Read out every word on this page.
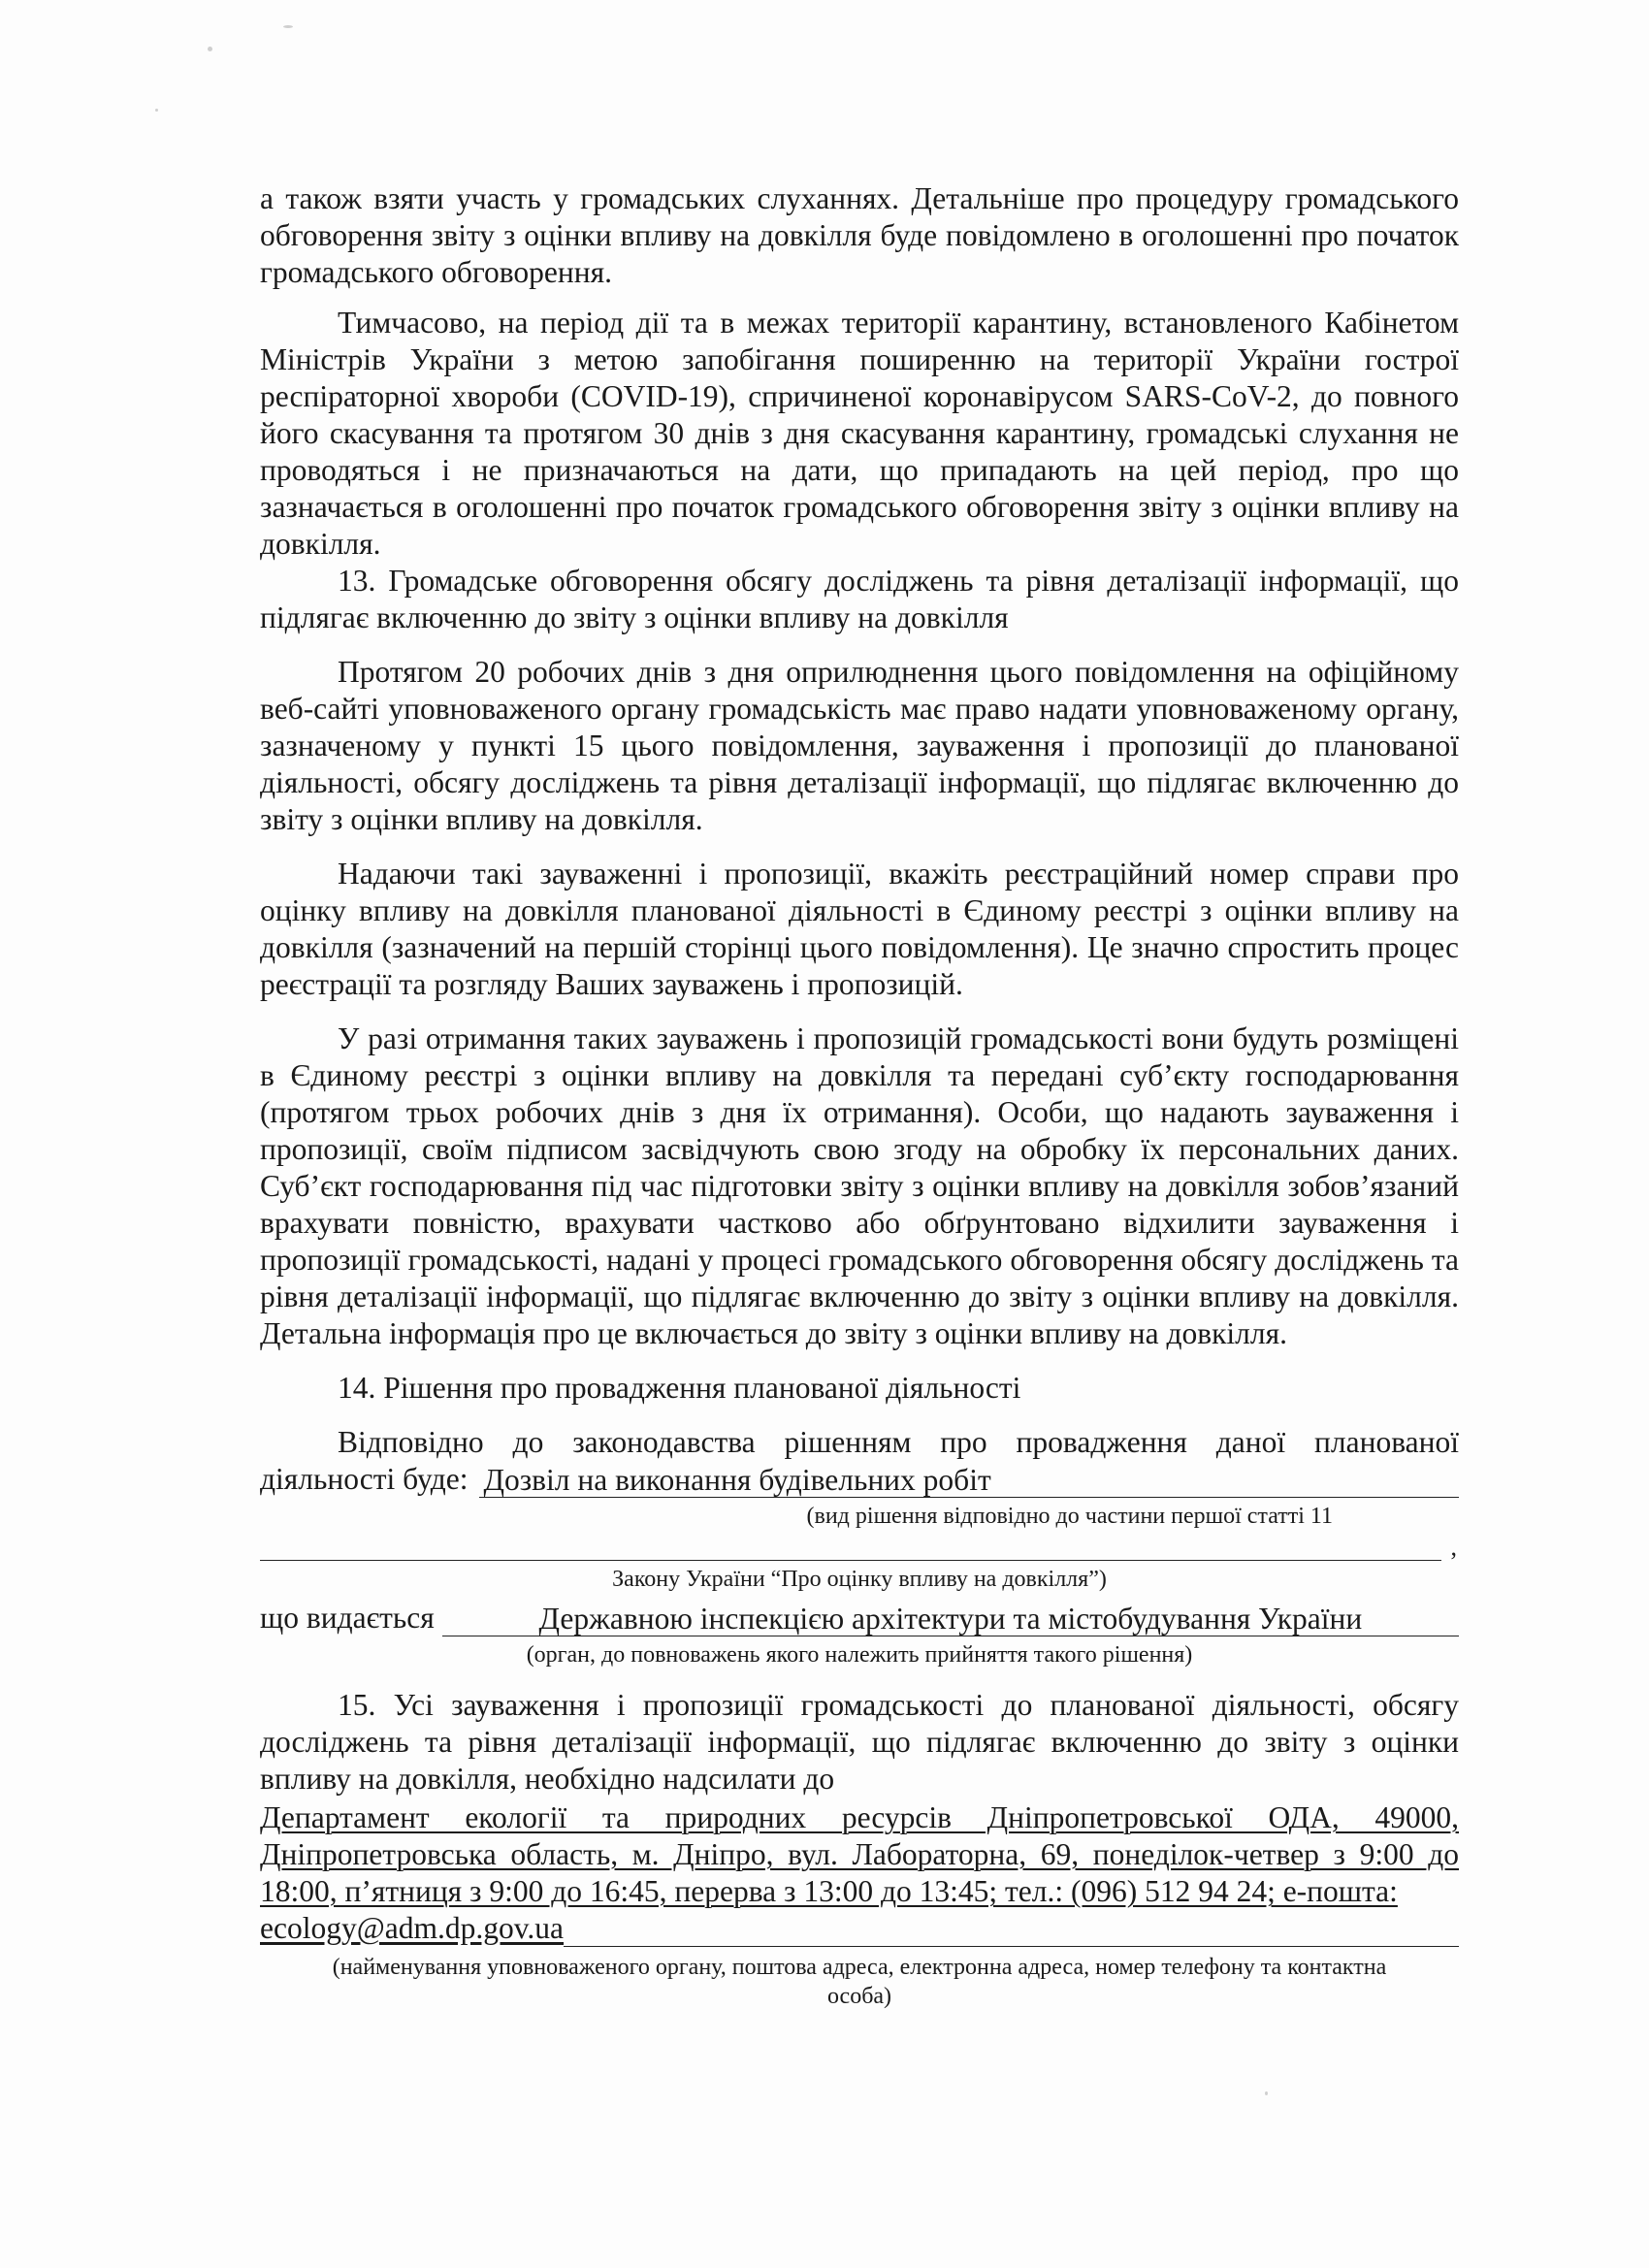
а також взяти участь у громадських слуханнях. Детальніше про процедуру громадського обговорення звіту з оцінки впливу на довкілля буде повідомлено в оголошенні про початок громадського обговорення.

Тимчасово, на період дії та в межах території карантину, встановленого Кабінетом Міністрів України з метою запобігання поширенню на території України гострої респіраторної хвороби (COVID-19), спричиненої коронавірусом SARS-CoV-2, до повного його скасування та протягом 30 днів з дня скасування карантину, громадські слухання не проводяться і не призначаються на дати, що припадають на цей період, про що зазначається в оголошенні про початок громадського обговорення звіту з оцінки впливу на довкілля.

13. Громадське обговорення обсягу досліджень та рівня деталізації інформації, що підлягає включенню до звіту з оцінки впливу на довкілля

Протягом 20 робочих днів з дня оприлюднення цього повідомлення на офіційному веб-сайті уповноваженого органу громадськість має право надати уповноваженому органу, зазначеному у пункті 15 цього повідомлення, зауваження і пропозиції до планованої діяльності, обсягу досліджень та рівня деталізації інформації, що підлягає включенню до звіту з оцінки впливу на довкілля.

Надаючи такі зауваженні і пропозиції, вкажіть реєстраційний номер справи про оцінку впливу на довкілля планованої діяльності в Єдиному реєстрі з оцінки впливу на довкілля (зазначений на першій сторінці цього повідомлення). Це значно спростить процес реєстрації та розгляду Ваших зауважень і пропозицій.

У разі отримання таких зауважень і пропозицій громадськості вони будуть розміщені в Єдиному реєстрі з оцінки впливу на довкілля та передані суб’єкту господарювання (протягом трьох робочих днів з дня їх отримання). Особи, що надають зауваження і пропозиції, своїм підписом засвідчують свою згоду на обробку їх персональних даних. Суб’єкт господарювання під час підготовки звіту з оцінки впливу на довкілля зобов’язаний врахувати повністю, врахувати частково або обґрунтовано відхилити зауваження і пропозиції громадськості, надані у процесі громадського обговорення обсягу досліджень та рівня деталізації інформації, що підлягає включенню до звіту з оцінки впливу на довкілля. Детальна інформація про це включається до звіту з оцінки впливу на довкілля.

14. Рішення про провадження планованої діяльності

Відповідно до законодавства рішенням про провадження даної планованої

діяльності буде: Дозвіл на виконання будівельних робіт
(вид рішення відповідно до частини першої статті 11
,
Закону України “Про оцінку впливу на довкілля”)
що видається	Державною інспекцією архітектури та містобудування України
(орган, до повноважень якого належить прийняття такого рішення)

15. Усі зауваження і пропозиції громадськості до планованої діяльності, обсягу досліджень та рівня деталізації інформації, що підлягає включенню до звіту з оцінки впливу на довкілля, необхідно надсилати до

Департамент екології та природних ресурсів Дніпропетровської ОДА, 49000, Дніпропетровська область, м. Дніпро, вул. Лабораторна, 69, понеділок-четвер з 9:00 до 18:00, п’ятниця з 9:00 до 16:45, перерва з 13:00 до 13:45; тел.: (096) 512 94 24; e-пошта:

ecology@adm.dp.gov.ua
(найменування уповноваженого органу, поштова адреса, електронна адреса, номер телефону та контактна особа)
